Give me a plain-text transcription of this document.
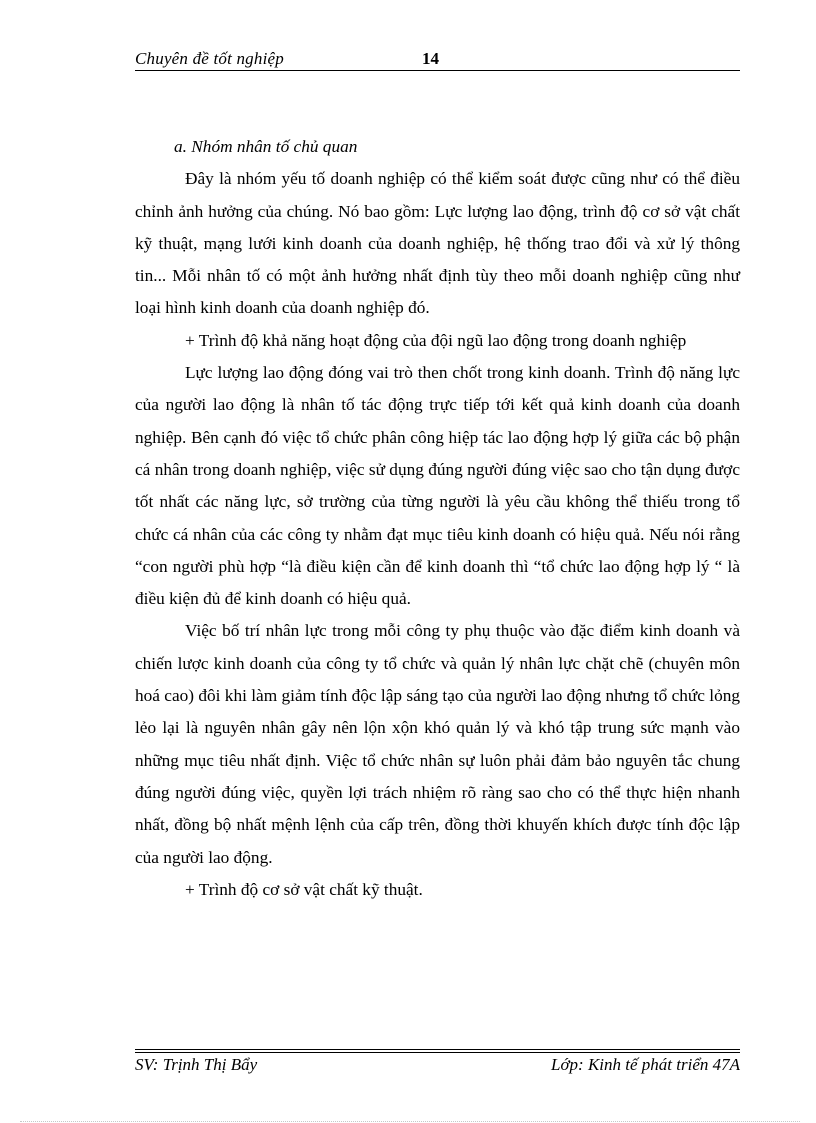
Chuyên đề tốt nghiệp	14

a. Nhóm nhân tố chủ quan

Đây là nhóm yếu tố doanh nghiệp có thể kiểm soát được cũng như có thể điều chỉnh ảnh hưởng của chúng. Nó bao gồm: Lực lượng lao động, trình độ cơ sở vật chất kỹ thuật, mạng lưới kinh doanh của doanh nghiệp, hệ thống trao đổi và xử lý thông tin... Mỗi nhân tố có một ảnh hưởng nhất định tùy theo mỗi doanh nghiệp cũng như loại hình kinh doanh của doanh nghiệp đó.

+ Trình độ khả năng hoạt động của đội ngũ lao động trong doanh nghiệp

Lực lượng lao động đóng vai trò then chốt trong kinh doanh. Trình độ năng lực của người lao động là nhân tố tác động trực tiếp tới kết quả kinh doanh của doanh nghiệp. Bên cạnh đó việc tổ chức phân công hiệp tác lao động hợp lý giữa các bộ phận cá nhân trong doanh nghiệp, việc sử dụng đúng người đúng việc sao cho tận dụng được tốt nhất các năng lực, sở trường của từng người là yêu cầu không thể thiếu trong tổ chức cá nhân của các công ty nhằm đạt mục tiêu kinh doanh có hiệu quả. Nếu nói rằng “con người phù hợp “là điều kiện cần để kinh doanh thì “tổ chức lao động hợp lý “ là điều kiện đủ để kinh doanh có hiệu quả.

Việc bố trí nhân lực trong mỗi công ty phụ thuộc vào đặc điểm kinh doanh và chiến lược kinh doanh của công ty tổ chức và quản lý nhân lực chặt chẽ (chuyên môn hoá cao) đôi khi làm giảm tính độc lập sáng tạo của người lao động nhưng tổ chức lỏng lẻo lại là nguyên nhân gây nên lộn xộn khó quản lý và khó tập trung sức mạnh vào những mục tiêu nhất định. Việc tổ chức nhân sự luôn phải đảm bảo nguyên tắc chung đúng người đúng việc, quyền lợi trách nhiệm rõ ràng sao cho có thể thực hiện nhanh nhất, đồng bộ nhất mệnh lệnh của cấp trên, đồng thời khuyến khích được tính độc lập của người lao động.

+ Trình độ cơ sở vật chất kỹ thuật.

SV: Trịnh Thị Bẩy	Lớp: Kinh tế phát triển 47A
